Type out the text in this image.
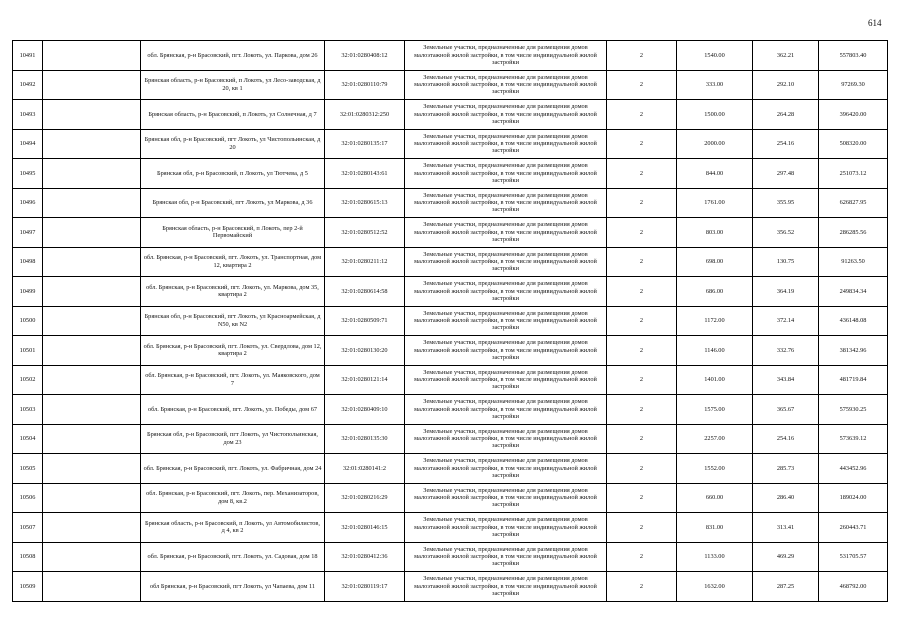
614
10491		обл. Брянская, р-н Брасовский, пгт. Локоть, ул. Паркова, дом 26	32:01:0280408:12	Земельные участки, предназначенные для размещения домов малоэтажной жилой застройки, в том числе индивидуальной жилой застройки	2	1540.00	362.21	557803.40
10492		Брянская область, р-н Брасовский, п Локоть, ул Лесо-заводская, д 20, кв 1	32:01:0280110:79	Земельные участки, предназначенные для размещения домов малоэтажной жилой застройки, в том числе индивидуальной жилой застройки	2	333.00	292.10	97269.30
10493		Брянская область, р-н Брасовский, п Локоть, ул Солнечная, д 7	32:01:0280312:250	Земельные участки, предназначенные для размещения домов малоэтажной жилой застройки, в том числе индивидуальной жилой застройки	2	1500.00	264.28	396420.00
10494		Брянская обл, р-н Брасовский, пгт Локоть, ул Чистопольинская, д 20	32:01:0280135:17	Земельные участки, предназначенные для размещения домов малоэтажной жилой застройки, в том числе индивидуальной жилой застройки	2	2000.00	254.16	508320.00
10495		Брянская обл, р-н Брасовский, п Локоть, ул Тютчева, д 5	32:01:0280143:61	Земельные участки, предназначенные для размещения домов малоэтажной жилой застройки, в том числе индивидуальной жилой застройки	2	844.00	297.48	251073.12
10496		Брянская обл, р-н Брасовский, пгт Локоть, ул Маркова, д 36	32:01:0280615:13	Земельные участки, предназначенные для размещения домов малоэтажной жилой застройки, в том числе индивидуальной жилой застройки	2	1761.00	355.95	626827.95
10497		Брянская область, р-н Брасовский, п Локоть, пер 2-й Первомайский	32:01:0280512:52	Земельные участки, предназначенные для размещения домов малоэтажной жилой застройки, в том числе индивидуальной жилой застройки	2	803.00	356.52	286285.56
10498		обл. Брянская, р-н Брасовский, пгт. Локоть, ул. Транспортная, дом 12, квартира 2	32:01:0280211:12	Земельные участки, предназначенные для размещения домов малоэтажной жилой застройки, в том числе индивидуальной жилой застройки	2	698.00	130.75	91263.50
10499		обл. Брянская, р-н Брасовский, пгт. Локоть, ул. Маркова, дом 35, квартира 2	32:01:0280614:58	Земельные участки, предназначенные для размещения домов малоэтажной жилой застройки, в том числе индивидуальной жилой застройки	2	686.00	364.19	249834.34
10500		Брянская обл, р-н Брасовский, пгт Локоть, ул Красноармейская, д N50, кв N2	32:01:0280509:71	Земельные участки, предназначенные для размещения домов малоэтажной жилой застройки, в том числе индивидуальной жилой застройки	2	1172.00	372.14	436148.08
10501		обл. Брянская, р-н Брасовский, пгт. Локоть, ул. Свердлова, дом 12, квартира 2	32:01:0280130:20	Земельные участки, предназначенные для размещения домов малоэтажной жилой застройки, в том числе индивидуальной жилой застройки	2	1146.00	332.76	381342.96
10502		обл. Брянская, р-н Брасовский, пгт. Локоть, ул. Маяковского, дом 7	32:01:0280121:14	Земельные участки, предназначенные для размещения домов малоэтажной жилой застройки, в том числе индивидуальной жилой застройки	2	1401.00	343.84	481719.84
10503		обл. Брянская, р-н Брасовский, пгт. Локоть, ул. Победы, дом 67	32:01:0280409:10	Земельные участки, предназначенные для размещения домов малоэтажной жилой застройки, в том числе индивидуальной жилой застройки	2	1575.00	365.67	575930.25
10504		Брянская обл, р-н Брасовский, пгт Локоть, ул Чистопольинская, дом 23	32:01:0280135:30	Земельные участки, предназначенные для размещения домов малоэтажной жилой застройки, в том числе индивидуальной жилой застройки	2	2257.00	254.16	573639.12
10505		обл. Брянская, р-н Брасовский, пгт. Локоть, ул. Фабричная, дом 24	32:01:0280141:2	Земельные участки, предназначенные для размещения домов малоэтажной жилой застройки, в том числе индивидуальной жилой застройки	2	1552.00	285.73	443452.96
10506		обл. Брянская, р-н Брасовский, пгт. Локоть, пер. Механизаторов, дом 8, кв.2	32:01:0280216:29	Земельные участки, предназначенные для размещения домов малоэтажной жилой застройки, в том числе индивидуальной жилой застройки	2	660.00	286.40	189024.00
10507		Брянская область, р-н Брасовский, п Локоть, ул Автомобилистов, д 4, кв 2	32:01:0280146:15	Земельные участки, предназначенные для размещения домов малоэтажной жилой застройки, в том числе индивидуальной жилой застройки	2	831.00	313.41	260443.71
10508		обл. Брянская, р-н Брасовский, пгт. Локоть, ул. Садовая, дом 18	32:01:0280412:36	Земельные участки, предназначенные для размещения домов малоэтажной жилой застройки, в том числе индивидуальной жилой застройки	2	1133.00	469.29	531705.57
10509		обл Брянская, р-н Брасовский, пгт Локоть, ул Чапаева, дом 11	32:01:0280119:17	Земельные участки, предназначенные для размещения домов малоэтажной жилой застройки, в том числе индивидуальной жилой застройки	2	1632.00	287.25	468792.00
